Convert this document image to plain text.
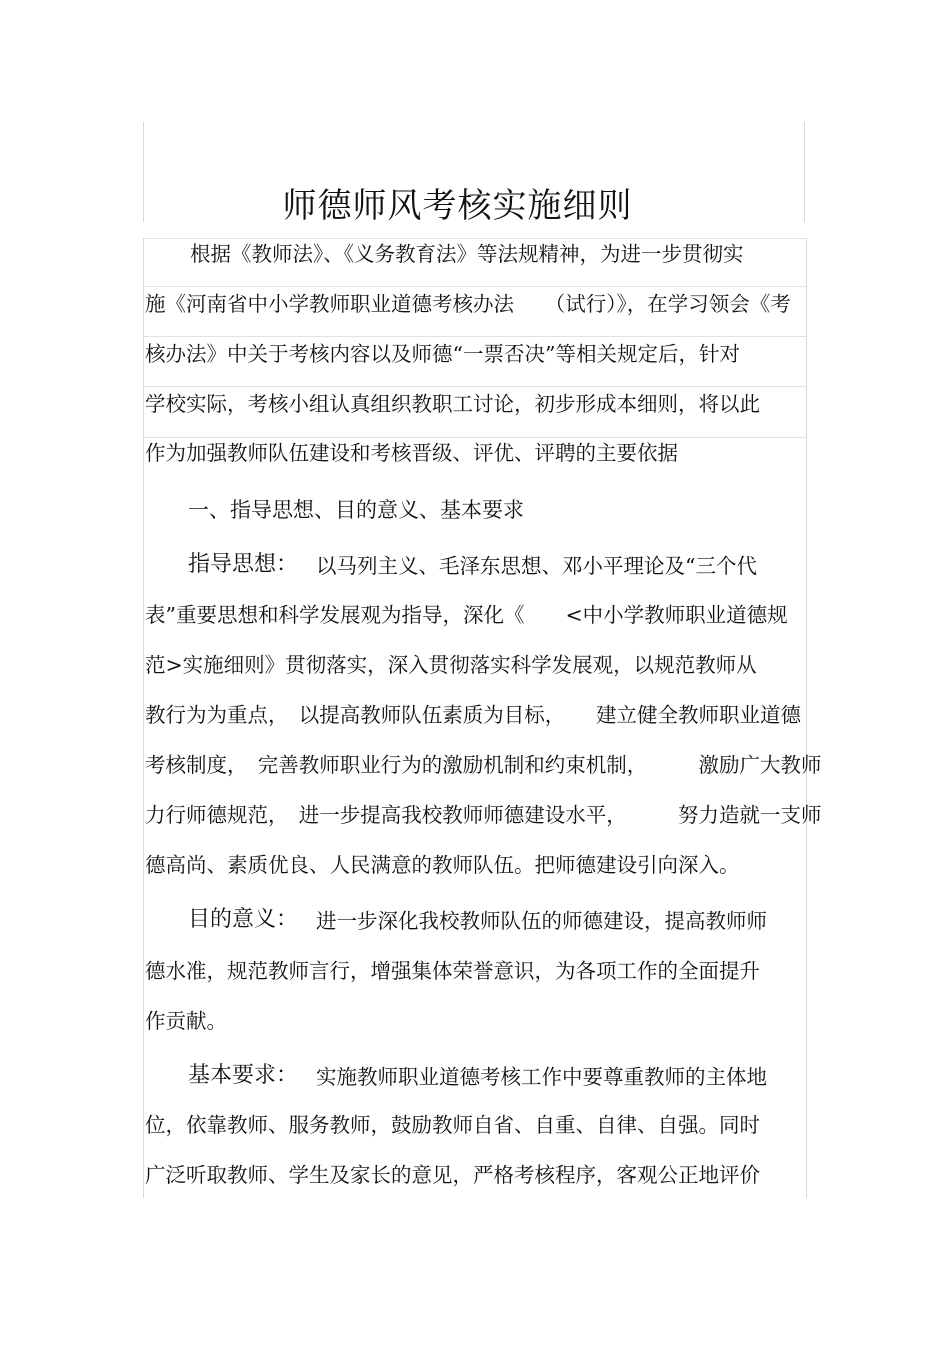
师德师风考核实施细则
根据《教师法》、《义务教育法》等法规精神，为进一步贯彻实
施《河南省中小学教师职业道德考核办法　　（试行）》，在学习领会《考
核办法》中关于考核内容以及师德“一票否决”等相关规定后，针对
学校实际，考核小组认真组织教职工讨论，初步形成本细则，将以此
作为加强教师队伍建设和考核晋级、评优、评聘的主要依据
一、指导思想、目的意义、基本要求
指导思想： 以马列主义、毛泽东思想、邓小平理论及“三个代
表”重要思想和科学发展观为指导，深化《　　<中小学教师职业道德规
范>实施细则》贯彻落实，深入贯彻落实科学发展观，以规范教师从
教行为为重点，　以提高教师队伍素质为目标，　　建立健全教师职业道德
考核制度，　完善教师职业行为的激励机制和约束机制，　　　激励广大教师
力行师德规范，　进一步提高我校教师师德建设水平，　　　努力造就一支师
德高尚、素质优良、人民满意的教师队伍。把师德建设引向深入。
目的意义： 进一步深化我校教师队伍的师德建设，提高教师师
德水准，规范教师言行，增强集体荣誉意识，为各项工作的全面提升
作贡献。
基本要求： 实施教师职业道德考核工作中要尊重教师的主体地
位，依靠教师、服务教师，鼓励教师自省、自重、自律、自强。同时
广泛听取教师、学生及家长的意见，严格考核程序，客观公正地评价
